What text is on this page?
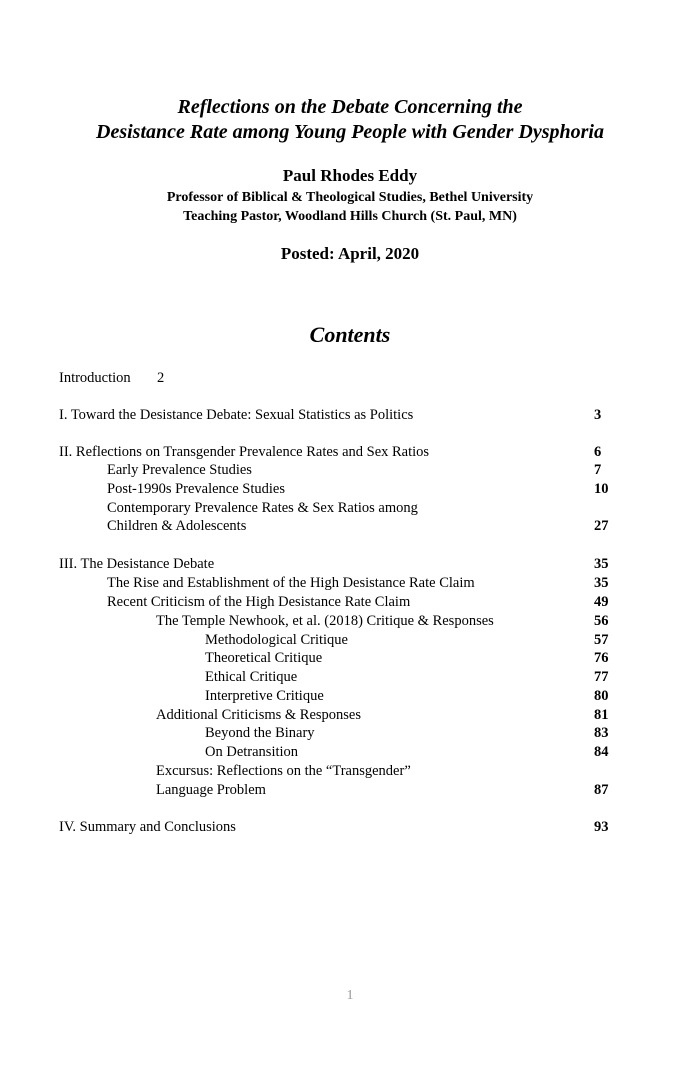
Reflections on the Debate Concerning the
Desistance Rate among Young People with Gender Dysphoria
Paul Rhodes Eddy
Professor of Biblical & Theological Studies, Bethel University
Teaching Pastor, Woodland Hills Church (St. Paul, MN)
Posted: April, 2020
Contents
Introduction 2
I. Toward the Desistance Debate: Sexual Statistics as Politics	3
II. Reflections on Transgender Prevalence Rates and Sex Ratios	6
Early Prevalence Studies	7
Post-1990s Prevalence Studies	10
Contemporary Prevalence Rates & Sex Ratios among
Children & Adolescents	27
III. The Desistance Debate	35
The Rise and Establishment of the High Desistance Rate Claim	35
Recent Criticism of the High Desistance Rate Claim	49
The Temple Newhook, et al. (2018) Critique & Responses	56
Methodological Critique	57
Theoretical Critique	76
Ethical Critique	77
Interpretive Critique	80
Additional Criticisms & Responses	81
Beyond the Binary	83
On Detransition	84
Excursus: Reflections on the “Transgender”
Language Problem	87
IV. Summary and Conclusions	93
1
